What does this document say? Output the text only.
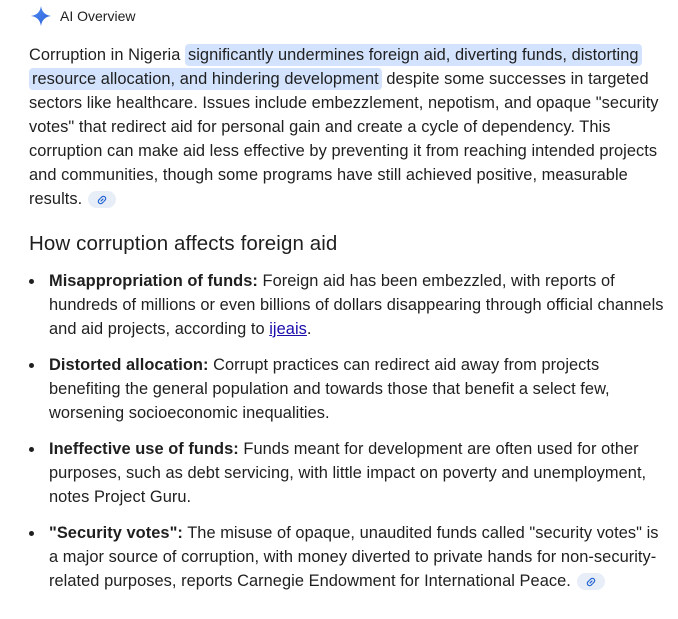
AI Overview
Corruption in Nigeria significantly undermines foreign aid, diverting funds, distorting resource allocation, and hindering development despite some successes in targeted sectors like healthcare. Issues include embezzlement, nepotism, and opaque "security votes" that redirect aid for personal gain and create a cycle of dependency. This corruption can make aid less effective by preventing it from reaching intended projects and communities, though some programs have still achieved positive, measurable results.
How corruption affects foreign aid
Misappropriation of funds: Foreign aid has been embezzled, with reports of hundreds of millions or even billions of dollars disappearing through official channels and aid projects, according to ijeais.
Distorted allocation: Corrupt practices can redirect aid away from projects benefiting the general population and towards those that benefit a select few, worsening socioeconomic inequalities.
Ineffective use of funds: Funds meant for development are often used for other purposes, such as debt servicing, with little impact on poverty and unemployment, notes Project Guru.
"Security votes": The misuse of opaque, unaudited funds called "security votes" is a major source of corruption, with money diverted to private hands for non-security-related purposes, reports Carnegie Endowment for International Peace.
